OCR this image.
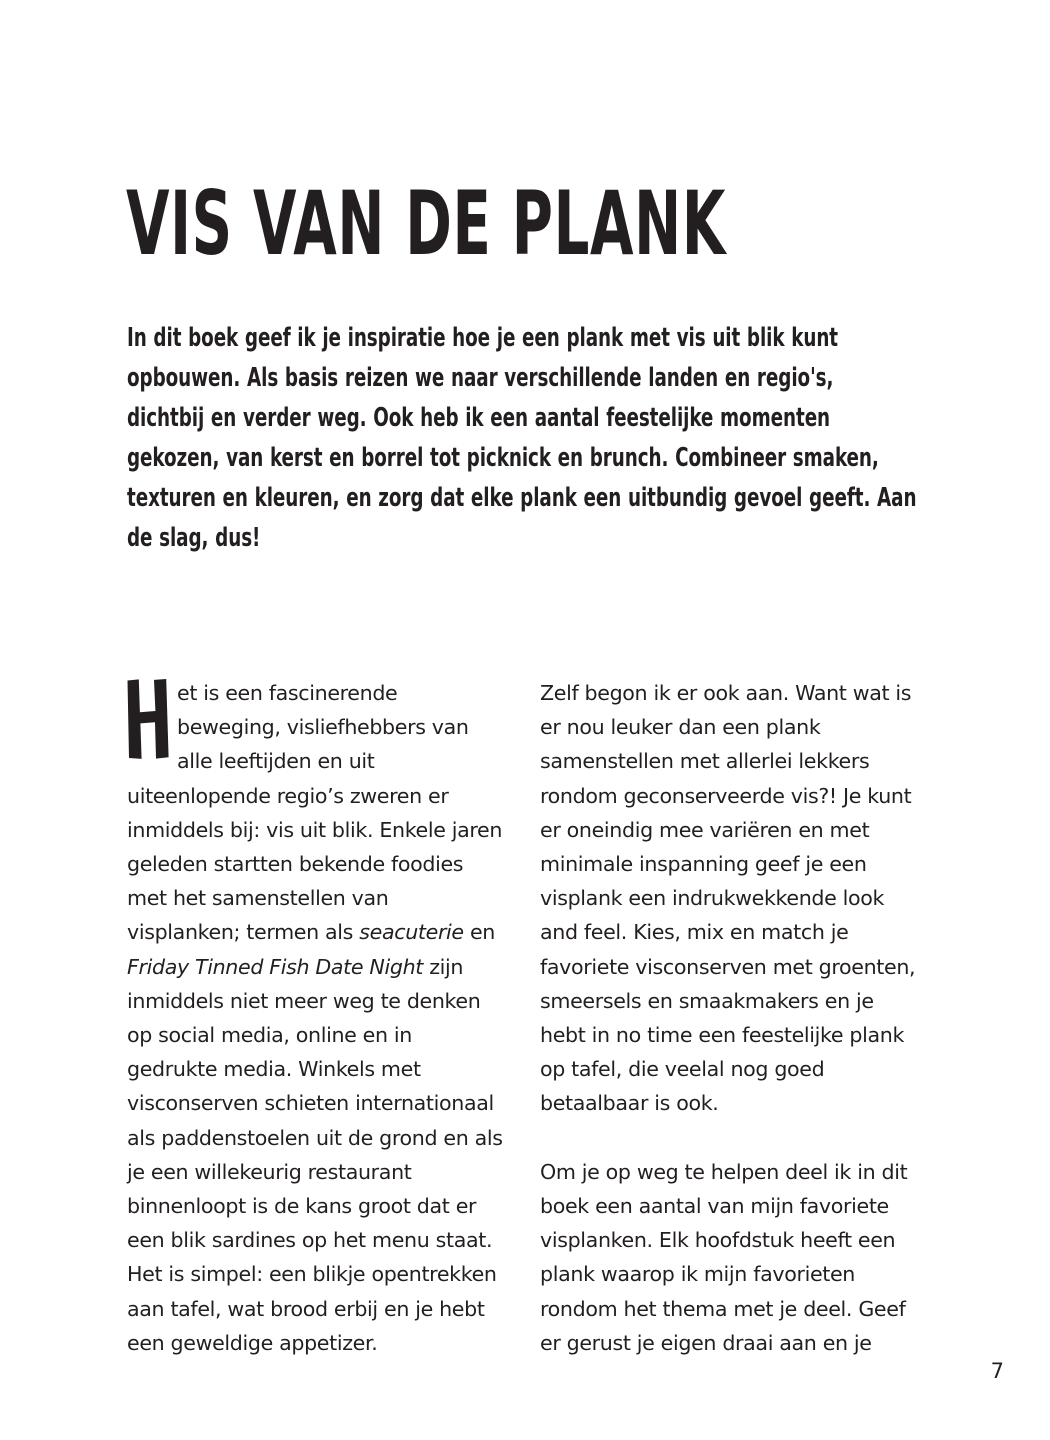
VIS VAN DE PLANK

In dit boek geef ik je inspiratie hoe je een plank met vis uit blik kunt opbouwen. Als basis reizen we naar verschillende landen en regio's, dichtbij en verder weg. Ook heb ik een aantal feestelijke momenten gekozen, van kerst en borrel tot picknick en brunch. Combineer smaken, texturen en kleuren, en zorg dat elke plank een uitbundig gevoel geeft. Aan de slag, dus!

et is een fascinerende beweging, visliefhebbers van alle leeftijden en uit uiteenlopende regio’s zweren er inmiddels bij: vis uit blik. Enkele jaren geleden startten bekende foodies met het samenstellen van visplanken; termen als seacuterie en Friday Tinned Fish Date Night zijn inmiddels niet meer weg te denken op social media, online en in gedrukte media. Winkels met visconserven schieten internationaal als paddenstoelen uit de grond en als je een willekeurig restaurant binnenloopt is de kans groot dat er een blik sardines op het menu staat. Het is simpel: een blikje opentrekken aan tafel, wat brood erbij en je hebt een geweldige appetizer.

Zelf begon ik er ook aan. Want wat is er nou leuker dan een plank samenstellen met allerlei lekkers rondom geconserveerde vis?! Je kunt er oneindig mee variëren en met minimale inspanning geef je een visplank een indrukwekkende look and feel. Kies, mix en match je favoriete visconserven met groenten, smeersels en smaakmakers en je hebt in no time een feestelijke plank op tafel, die veelal nog goed betaalbaar is ook.

Om je op weg te helpen deel ik in dit boek een aantal van mijn favoriete visplanken. Elk hoofdstuk heeft een plank waarop ik mijn favorieten rondom het thema met je deel. Geef er gerust je eigen draai aan en je

7
